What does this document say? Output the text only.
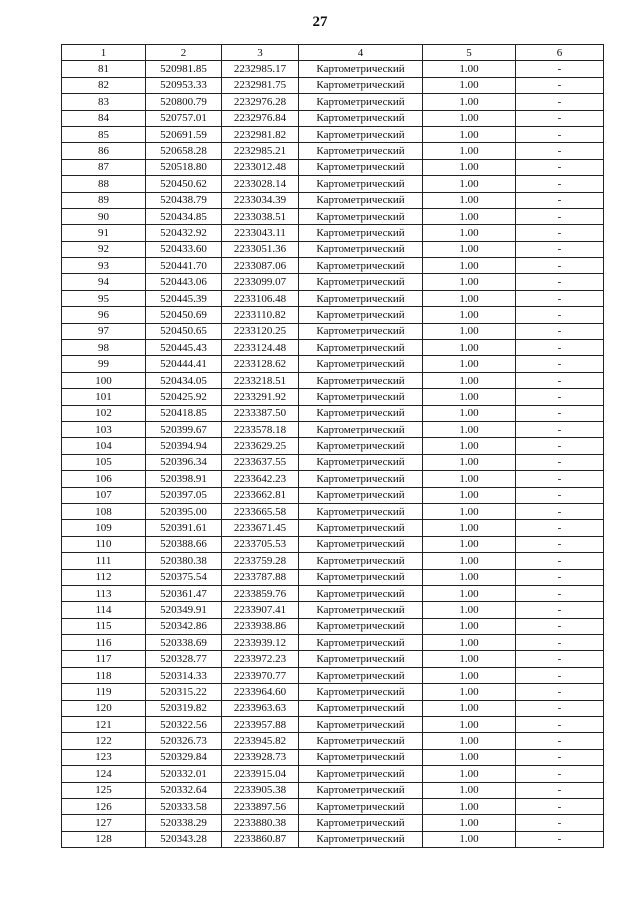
27
1	2	3	4	5	6
81	520981.85	2232985.17	Картометрический	1.00	-
82	520953.33	2232981.75	Картометрический	1.00	-
83	520800.79	2232976.28	Картометрический	1.00	-
84	520757.01	2232976.84	Картометрический	1.00	-
85	520691.59	2232981.82	Картометрический	1.00	-
86	520658.28	2232985.21	Картометрический	1.00	-
87	520518.80	2233012.48	Картометрический	1.00	-
88	520450.62	2233028.14	Картометрический	1.00	-
89	520438.79	2233034.39	Картометрический	1.00	-
90	520434.85	2233038.51	Картометрический	1.00	-
91	520432.92	2233043.11	Картометрический	1.00	-
92	520433.60	2233051.36	Картометрический	1.00	-
93	520441.70	2233087.06	Картометрический	1.00	-
94	520443.06	2233099.07	Картометрический	1.00	-
95	520445.39	2233106.48	Картометрический	1.00	-
96	520450.69	2233110.82	Картометрический	1.00	-
97	520450.65	2233120.25	Картометрический	1.00	-
98	520445.43	2233124.48	Картометрический	1.00	-
99	520444.41	2233128.62	Картометрический	1.00	-
100	520434.05	2233218.51	Картометрический	1.00	-
101	520425.92	2233291.92	Картометрический	1.00	-
102	520418.85	2233387.50	Картометрический	1.00	-
103	520399.67	2233578.18	Картометрический	1.00	-
104	520394.94	2233629.25	Картометрический	1.00	-
105	520396.34	2233637.55	Картометрический	1.00	-
106	520398.91	2233642.23	Картометрический	1.00	-
107	520397.05	2233662.81	Картометрический	1.00	-
108	520395.00	2233665.58	Картометрический	1.00	-
109	520391.61	2233671.45	Картометрический	1.00	-
110	520388.66	2233705.53	Картометрический	1.00	-
111	520380.38	2233759.28	Картометрический	1.00	-
112	520375.54	2233787.88	Картометрический	1.00	-
113	520361.47	2233859.76	Картометрический	1.00	-
114	520349.91	2233907.41	Картометрический	1.00	-
115	520342.86	2233938.86	Картометрический	1.00	-
116	520338.69	2233939.12	Картометрический	1.00	-
117	520328.77	2233972.23	Картометрический	1.00	-
118	520314.33	2233970.77	Картометрический	1.00	-
119	520315.22	2233964.60	Картометрический	1.00	-
120	520319.82	2233963.63	Картометрический	1.00	-
121	520322.56	2233957.88	Картометрический	1.00	-
122	520326.73	2233945.82	Картометрический	1.00	-
123	520329.84	2233928.73	Картометрический	1.00	-
124	520332.01	2233915.04	Картометрический	1.00	-
125	520332.64	2233905.38	Картометрический	1.00	-
126	520333.58	2233897.56	Картометрический	1.00	-
127	520338.29	2233880.38	Картометрический	1.00	-
128	520343.28	2233860.87	Картометрический	1.00	-
